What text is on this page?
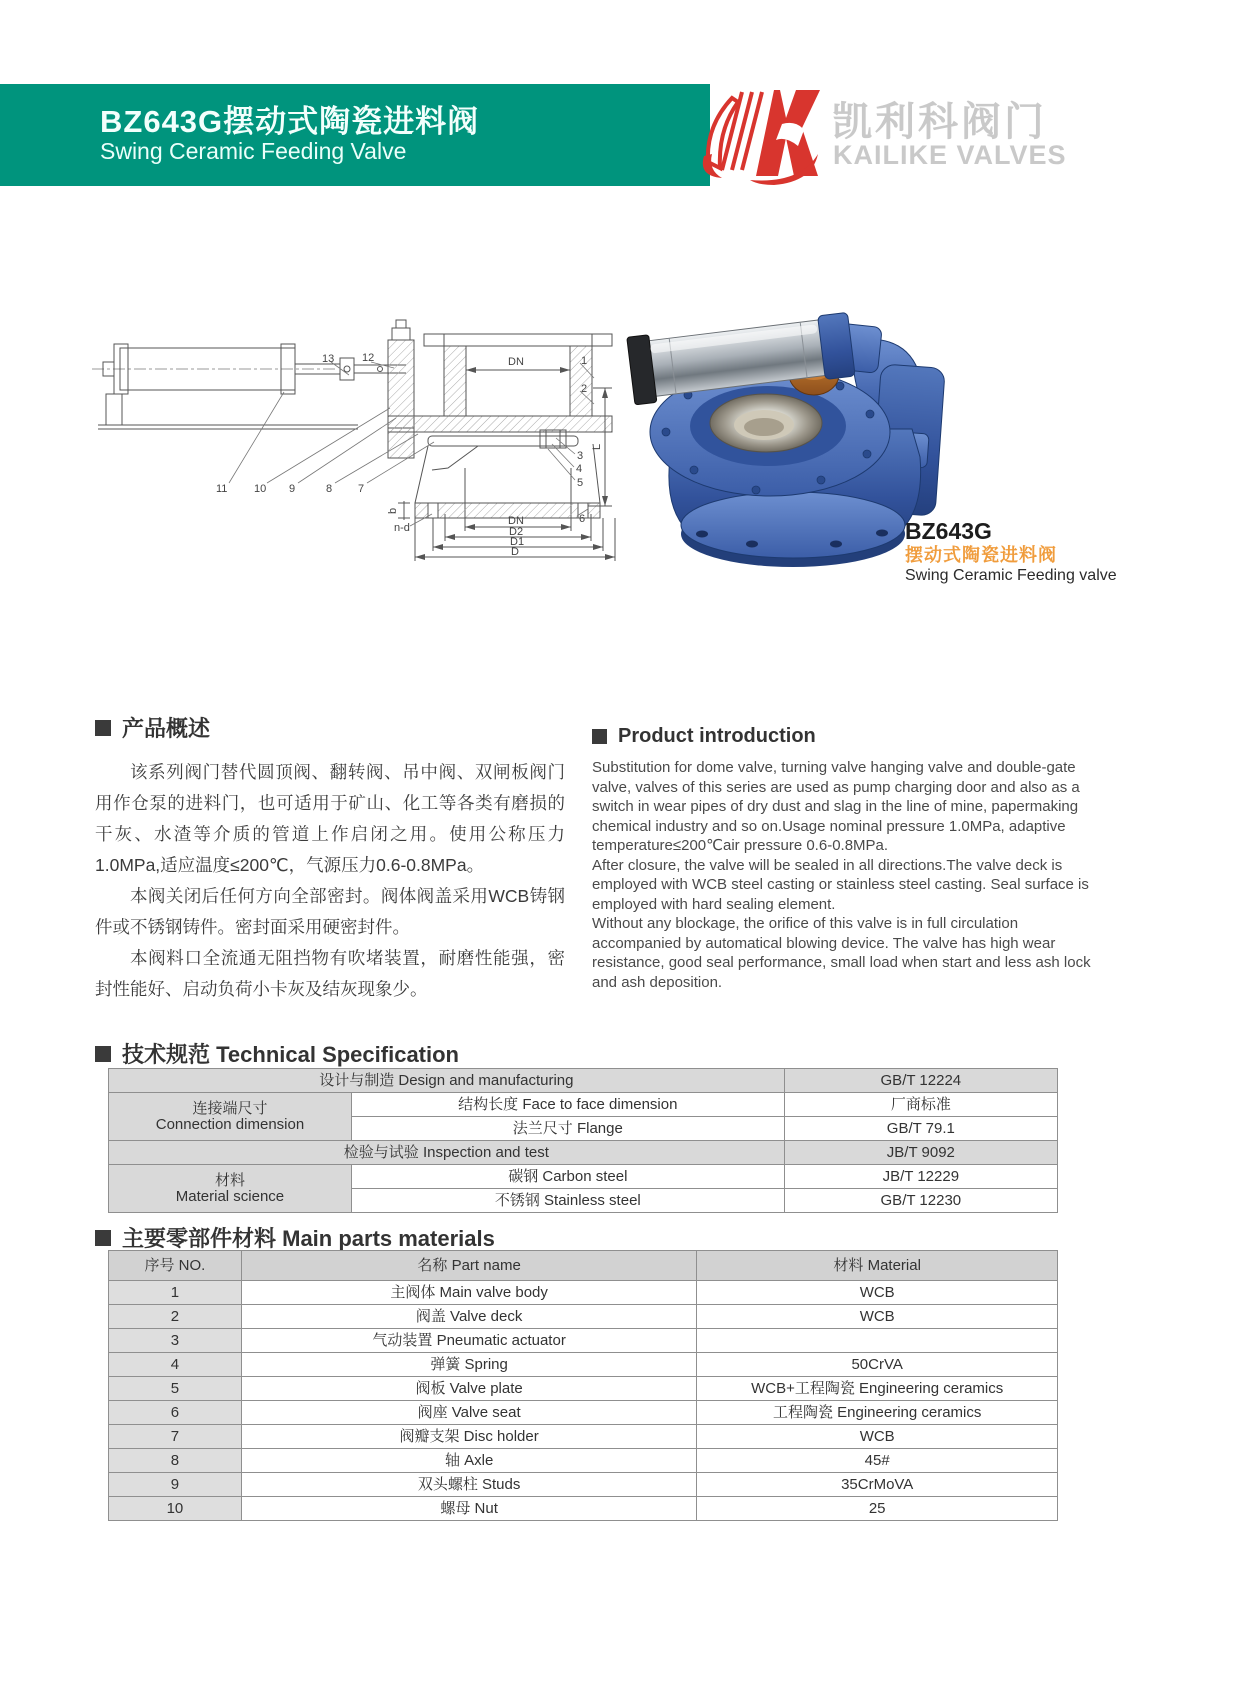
BZ643G摆动式陶瓷进料阀
Swing Ceramic Feeding Valve
凯利科阀门
KAILIKE VALVES
13	12	1
2
3
4
5
6
7
8
9
10
11
DN
L
b
n-d
DN
D2
D1
D
BZ643G
摆动式陶瓷进料阀
Swing Ceramic Feeding valve
产品概述

该系列阀门替代圆顶阀、翻转阀、吊中阀、双闸板阀门用作仓泵的进料门，也可适用于矿山、化工等各类有磨损的干灰、水渣等介质的管道上作启闭之用。使用公称压力1.0MPa,适应温度≤200℃，气源压力0.6-0.8MPa。

本阀关闭后任何方向全部密封。阀体阀盖采用WCB铸钢件或不锈钢铸件。密封面采用硬密封件。

本阀料口全流通无阻挡物有吹堵装置，耐磨性能强，密封性能好、启动负荷小卡灰及结灰现象少。

Product introduction

Substitution for dome valve, turning valve hanging valve and double-gate valve, valves of this series are used as pump charging door and also as a switch in wear pipes of dry dust and slag in the line of mine, papermaking chemical industry and so on.Usage nominal pressure 1.0MPa, adaptive temperature≤200℃air pressure 0.6-0.8MPa.

After closure, the valve will be sealed in all directions.The valve deck is employed with WCB steel casting or stainless steel casting. Seal surface is employed with hard sealing element.

Without any blockage, the orifice of this valve is in full circulation accompanied by automatical blowing device. The valve has high wear resistance, good seal performance, small load when start and less ash lock and ash deposition.

技术规范 Technical Specification
设计与制造 Design and manufacturing		GB/T 12224

连接端尺寸
Connection dimension	结构长度 Face to face dimension	厂商标准
	法兰尺寸 Flange	GB/T 79.1
检验与试验 Inspection and test		JB/T 9092

材料
Material science	碳钢 Carbon steel	JB/T 12229
	不锈钢 Stainless steel	GB/T 12230
主要零部件材料 Main parts materials
序号 NO.	名称 Part name	材料 Material
1	主阀体 Main valve body	WCB
2	阀盖 Valve deck	WCB
3	气动装置 Pneumatic actuator	
4	弹簧 Spring	50CrVA
5	阀板 Valve plate	WCB+工程陶瓷 Engineering ceramics
6	阀座 Valve seat	工程陶瓷 Engineering ceramics
7	阀瓣支架 Disc holder	WCB
8	轴 Axle	45#
9	双头螺柱 Studs	35CrMoVA
10	螺母 Nut	25
